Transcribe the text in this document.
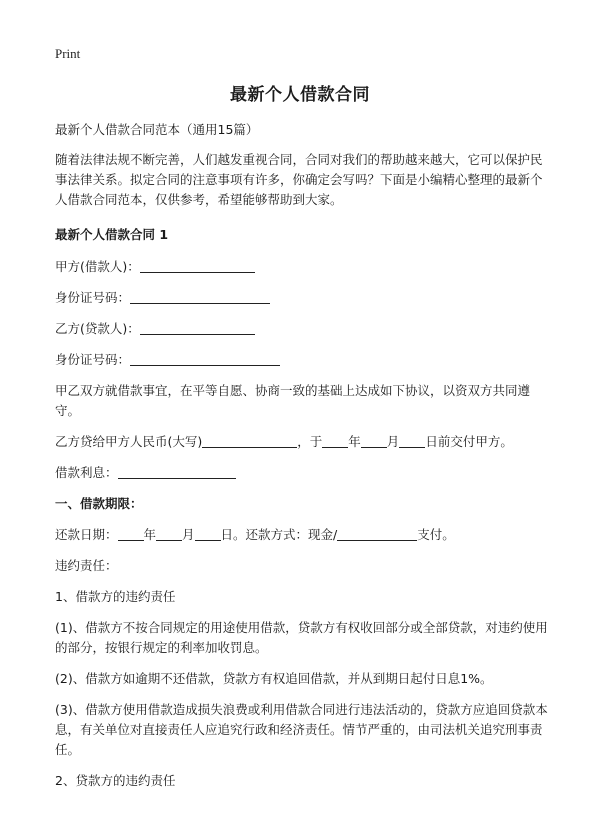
Print
最新个人借款合同

最新个人借款合同范本（通用15篇）

随着法律法规不断完善，人们越发重视合同，合同对我们的帮助越来越大，它可以保护民事法律关系。拟定合同的注意事项有许多，你确定会写吗？下面是小编精心整理的最新个人借款合同范本，仅供参考，希望能够帮助到大家。

最新个人借款合同 1

甲方(借款人)：

身份证号码：

乙方(贷款人)：

身份证号码：

甲乙双方就借款事宜，在平等自愿、协商一致的基础上达成如下协议，以资双方共同遵守。

乙方贷给甲方人民币(大写)	，于 年 月 日前交付甲方。

借款利息：

一、借款期限：

还款日期： 年 月 日。还款方式：现金/	支付。

违约责任：

1、借款方的违约责任

(1)、借款方不按合同规定的用途使用借款，贷款方有权收回部分或全部贷款，对违约使用的部分，按银行规定的利率加收罚息。

(2)、借款方如逾期不还借款，贷款方有权追回借款，并从到期日起付日息1%。

(3)、借款方使用借款造成损失浪费或利用借款合同进行违法活动的，贷款方应追回贷款本息，有关单位对直接责任人应追究行政和经济责任。情节严重的，由司法机关追究刑事责任。

2、贷款方的违约责任
